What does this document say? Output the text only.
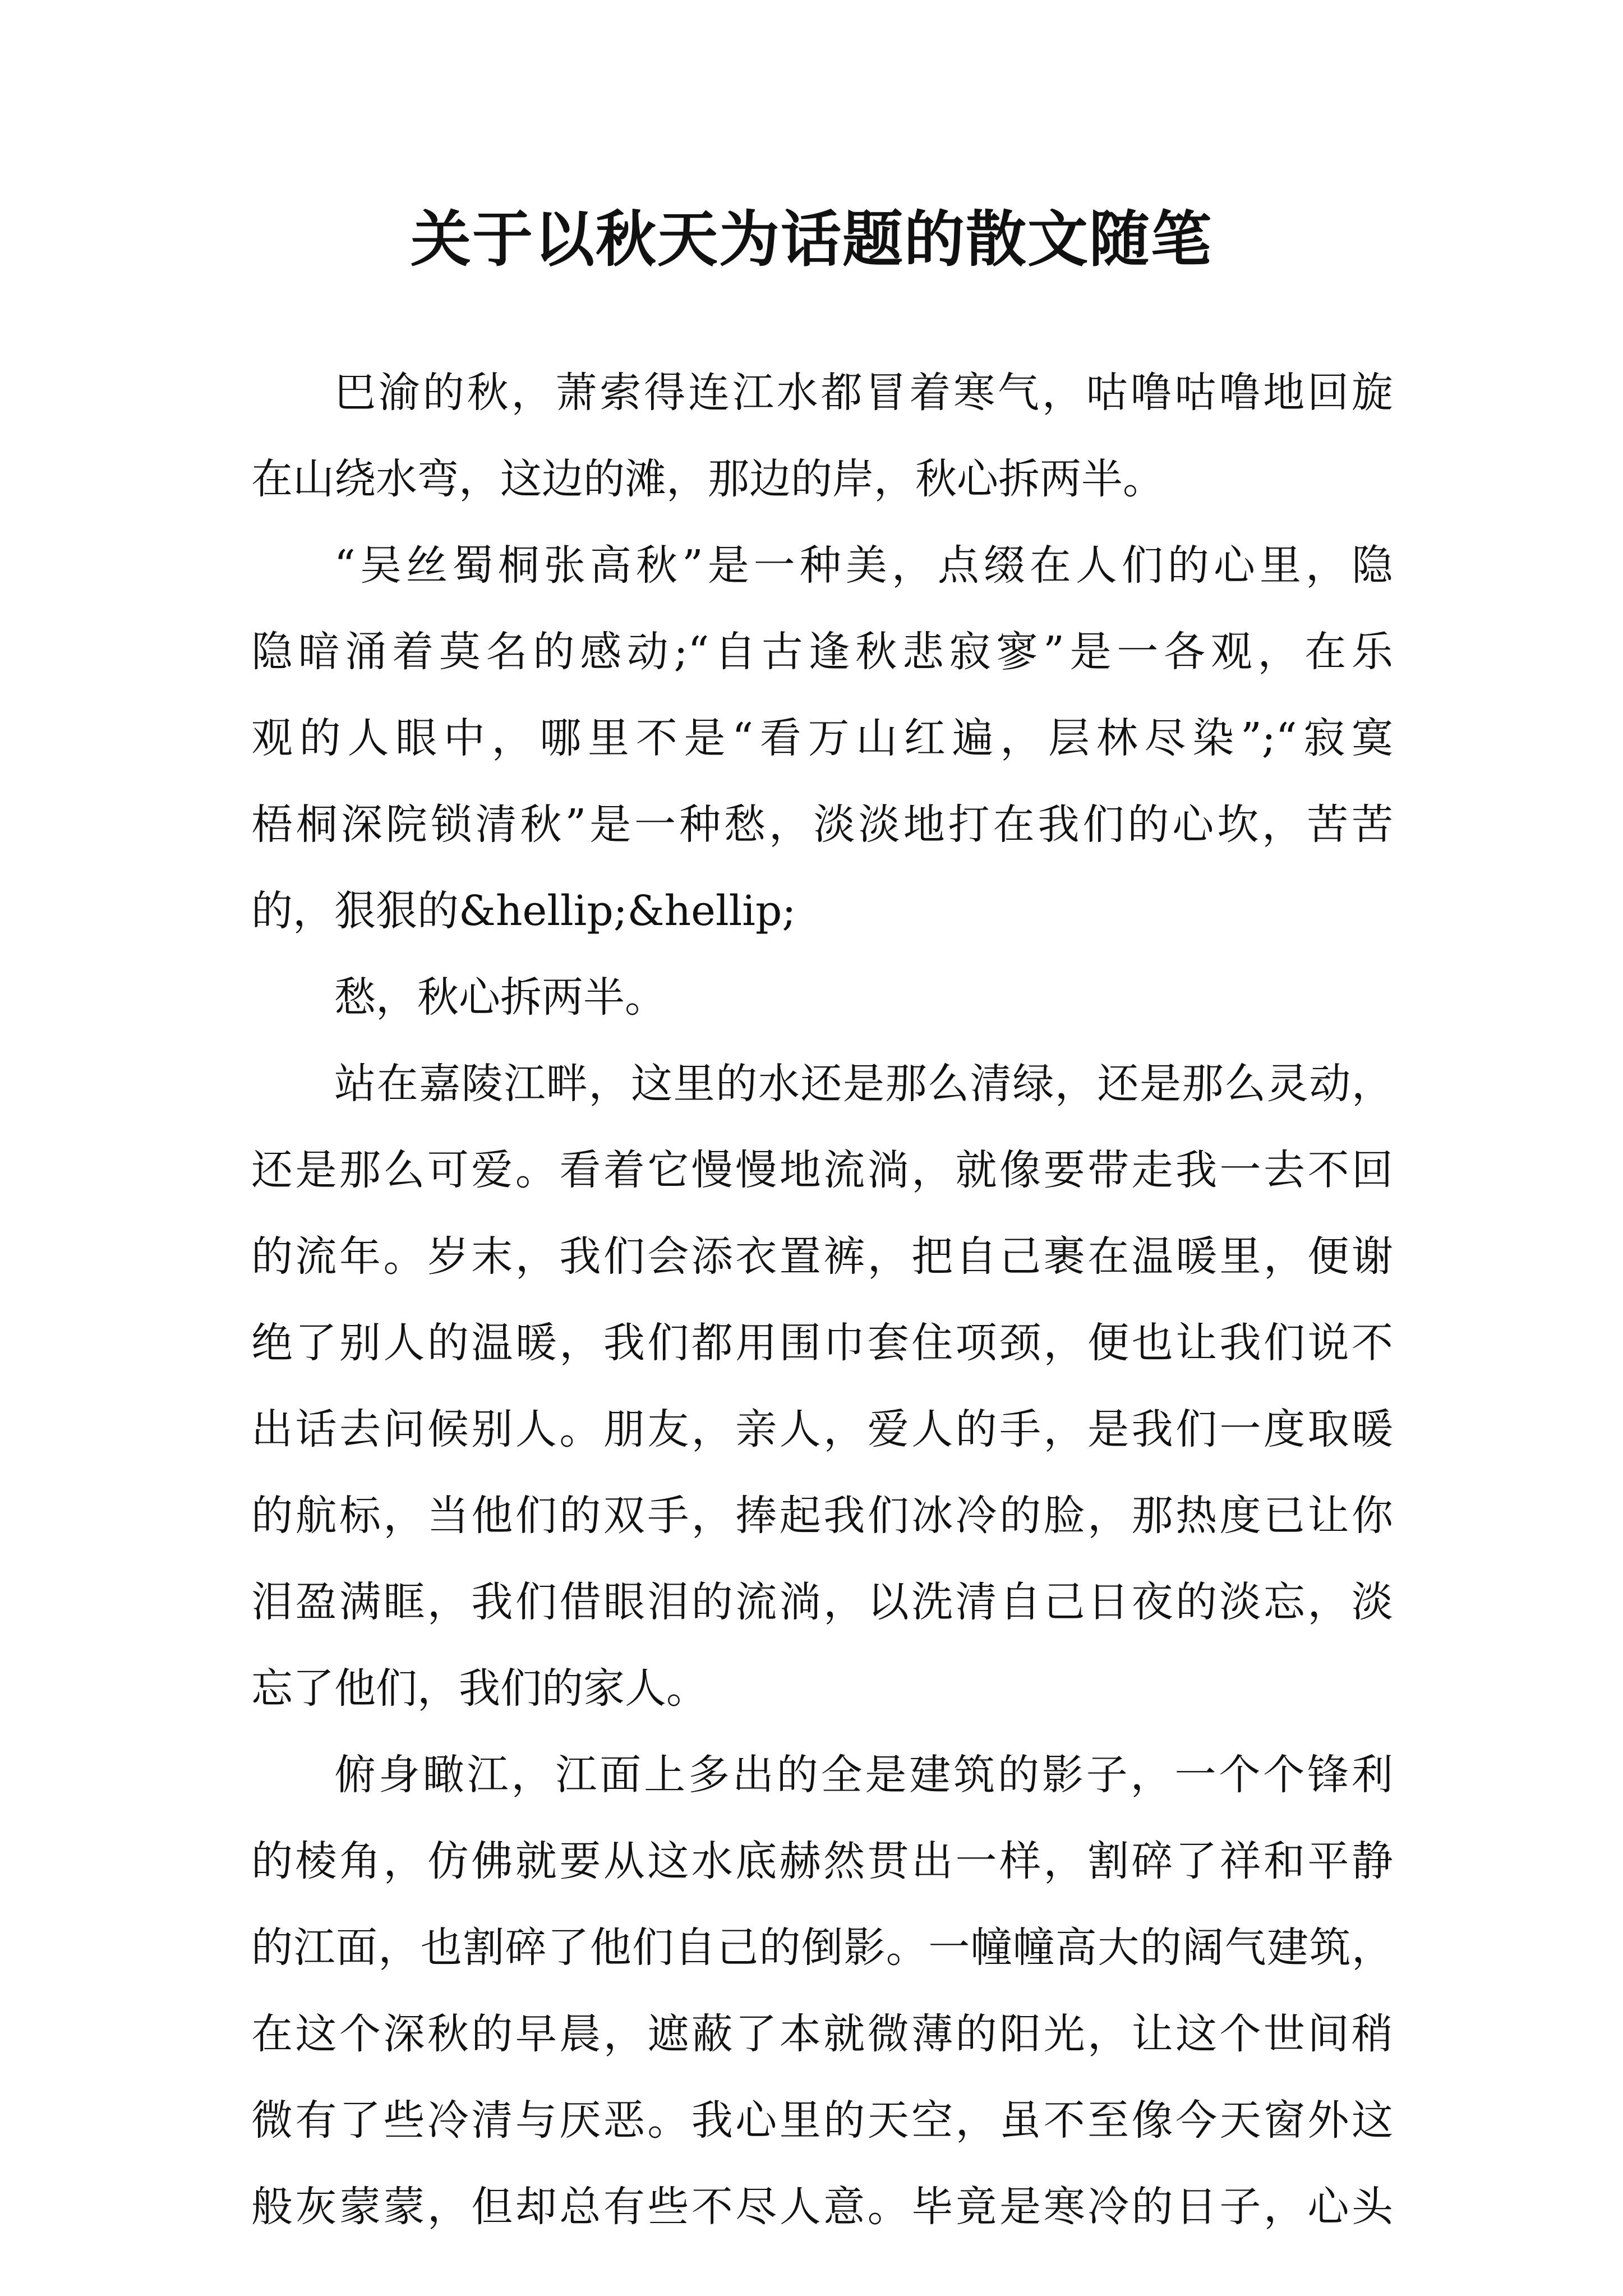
关于以秋天为话题的散文随笔
巴渝的秋，萧索得连江水都冒着寒气，咕噜咕噜地回旋
在山绕水弯，这边的滩，那边的岸，秋心拆两半。
“吴丝蜀桐张高秋”是一种美，点缀在人们的心里，隐
隐暗涌着莫名的感动;“自古逢秋悲寂寥”是一各观，在乐
观的人眼中，哪里不是“看万山红遍，层林尽染”;“寂寞
梧桐深院锁清秋”是一种愁，淡淡地打在我们的心坎，苦苦
的，狠狠的&hellip;&hellip;
愁，秋心拆两半。
站在嘉陵江畔，这里的水还是那么清绿，还是那么灵动，
还是那么可爱。看着它慢慢地流淌，就像要带走我一去不回
的流年。岁末，我们会添衣置裤，把自己裹在温暖里，便谢
绝了别人的温暖，我们都用围巾套住项颈，便也让我们说不
出话去问候别人。朋友，亲人，爱人的手，是我们一度取暖
的航标，当他们的双手，捧起我们冰冷的脸，那热度已让你
泪盈满眶，我们借眼泪的流淌，以洗清自己日夜的淡忘，淡
忘了他们，我们的家人。
俯身瞰江，江面上多出的全是建筑的影子，一个个锋利
的棱角，仿佛就要从这水底赫然贯出一样，割碎了祥和平静
的江面，也割碎了他们自己的倒影。一幢幢高大的阔气建筑，
在这个深秋的早晨，遮蔽了本就微薄的阳光，让这个世间稍
微有了些冷清与厌恶。我心里的天空，虽不至像今天窗外这
般灰蒙蒙，但却总有些不尽人意。毕竟是寒冷的日子，心头
